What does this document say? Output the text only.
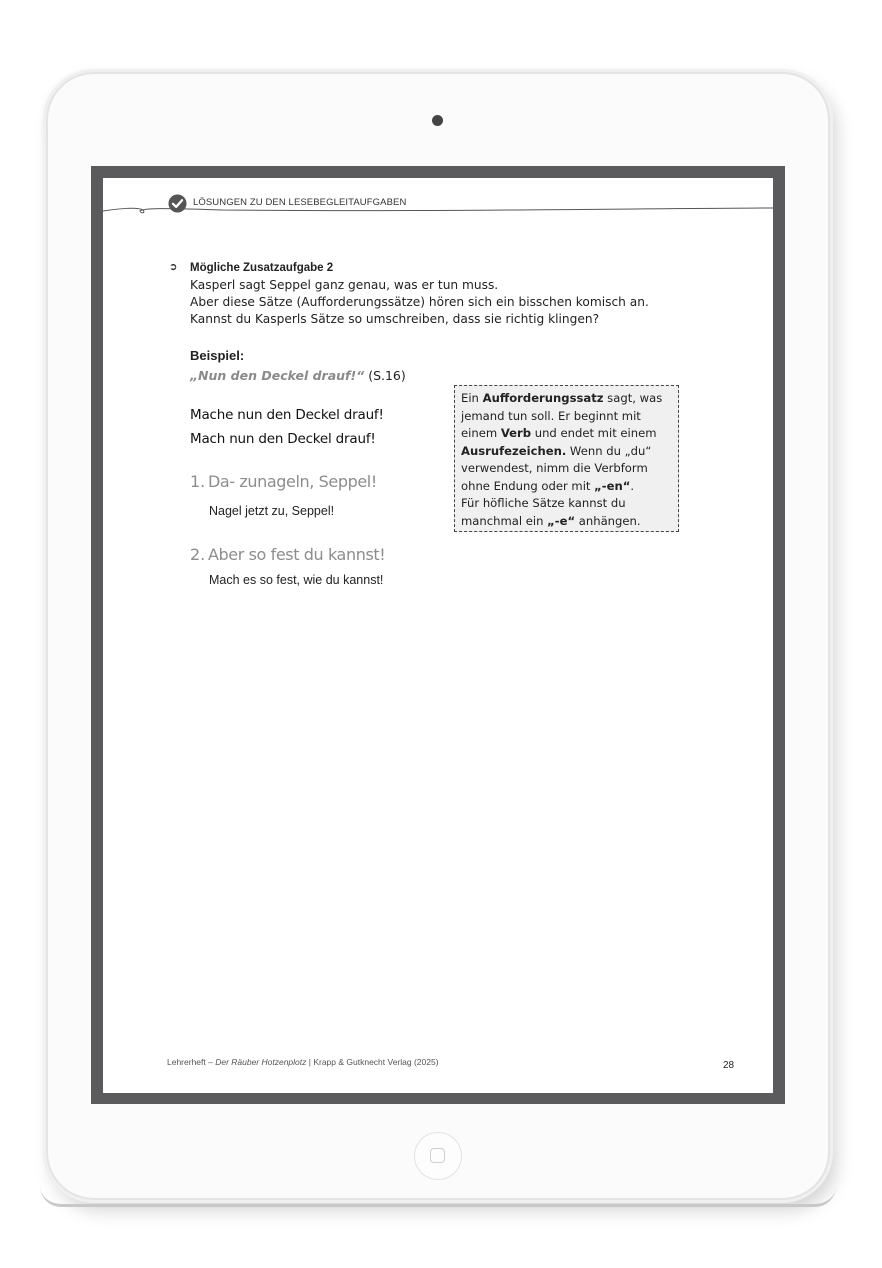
LÖSUNGEN ZU DEN LESEBEGLEITAUFGABEN
➲ Mögliche Zusatzaufgabe 2
Kasperl sagt Seppel ganz genau, was er tun muss.
Aber diese Sätze (Aufforderungssätze) hören sich ein bisschen komisch an.
Kannst du Kasperls Sätze so umschreiben, dass sie richtig klingen?
Beispiel:
„Nun den Deckel drauf!“ (S.16)
Mache nun den Deckel drauf!
Mach nun den Deckel drauf!
1. Da- zunageln, Seppel!
Nagel jetzt zu, Seppel!
2. Aber so fest du kannst!
Mach es so fest, wie du kannst!
Ein Aufforderungssatz sagt, was
jemand tun soll. Er beginnt mit
einem Verb und endet mit einem
Ausrufezeichen. Wenn du „du“
verwendest, nimm die Verbform
ohne Endung oder mit „-en“.
Für höfliche Sätze kannst du
manchmal ein „-e“ anhängen.
Lehrerheft – Der Räuber Hotzenplotz | Krapp & Gutknecht Verlag (2025)	28
